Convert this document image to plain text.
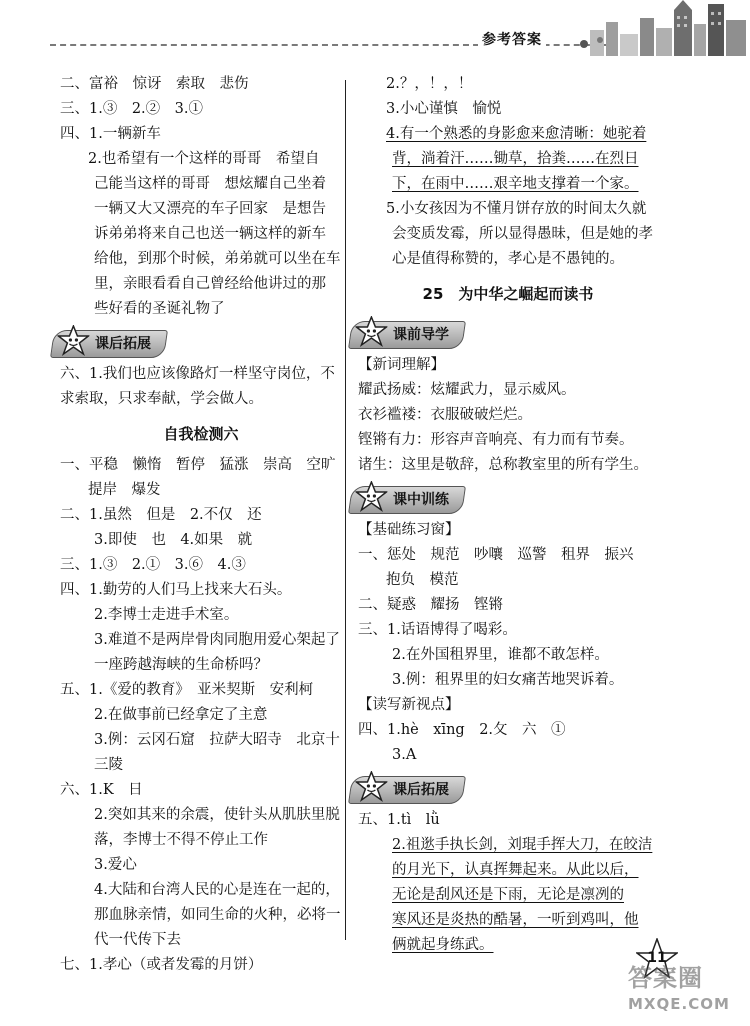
参考答案
二、富裕　惊讶　索取　悲伤
三、1.③　2.②　3.①
四、1.一辆新车
2.也希望有一个这样的哥哥　希望自
己能当这样的哥哥　想炫耀自己坐着
一辆又大又漂亮的车子回家　是想告
诉弟弟将来自己也送一辆这样的新车
给他，到那个时候，弟弟就可以坐在车
里，亲眼看看自己曾经给他讲过的那
些好看的圣诞礼物了
课后拓展
六、1.我们也应该像路灯一样坚守岗位，不
求索取，只求奉献，学会做人。
自我检测六
一、平稳　懒惰　暂停　猛涨　崇高　空旷
提岸　爆发
二、1.虽然　但是　2.不仅　还
3.即使　也　4.如果　就
三、1.③　2.①　3.⑥　4.③
四、1.勤劳的人们马上找来大石头。
2.李博士走进手术室。
3.难道不是两岸骨肉同胞用爱心架起了
一座跨越海峡的生命桥吗？
五、1.《爱的教育》　亚米契斯　安利柯
2.在做事前已经拿定了主意
3.例：云冈石窟　拉萨大昭寺　北京十
三陵
六、1.K　日
2.突如其来的余震，使针头从肌肤里脱
落，李博士不得不停止工作
3.爱心
4.大陆和台湾人民的心是连在一起的，
那血脉亲情，如同生命的火种，必将一
代一代传下去
七、1.孝心（或者发霉的月饼）
2.？，！，！
3.小心谨慎　愉悦
4.有一个熟悉的身影愈来愈清晰：她驼着
背，淌着汗……锄草，拾粪……在烈日
下，在雨中……艰辛地支撑着一个家。
5.小女孩因为不懂月饼存放的时间太久就
会变质发霉，所以显得愚昧，但是她的孝
心是值得称赞的，孝心是不愚钝的。
25　为中华之崛起而读书
课前导学
【新词理解】
耀武扬威：炫耀武力，显示威风。
衣衫褴褛：衣服破破烂烂。
铿锵有力：形容声音响亮、有力而有节奏。
诸生：这里是敬辞，总称教室里的所有学生。
课中训练
【基础练习窗】
一、惩处　规范　吵嚷　巡警　租界　振兴
抱负　模范
二、疑惑　耀扬　铿锵
三、1.话语博得了喝彩。
2.在外国租界里，谁都不敢怎样。
3.例：租界里的妇女痛苦地哭诉着。
【读写新视点】
四、1.hè　xīng　2.攵　六　①
3.A
课后拓展
五、1.tì　lǜ
2.祖逖手执长剑，刘琨手挥大刀，在皎洁
的月光下，认真挥舞起来。从此以后，
无论是刮风还是下雨，无论是凛冽的
寒风还是炎热的酷暑，一听到鸡叫，他
俩就起身练武。
11
答案圈
MXQE.COM
